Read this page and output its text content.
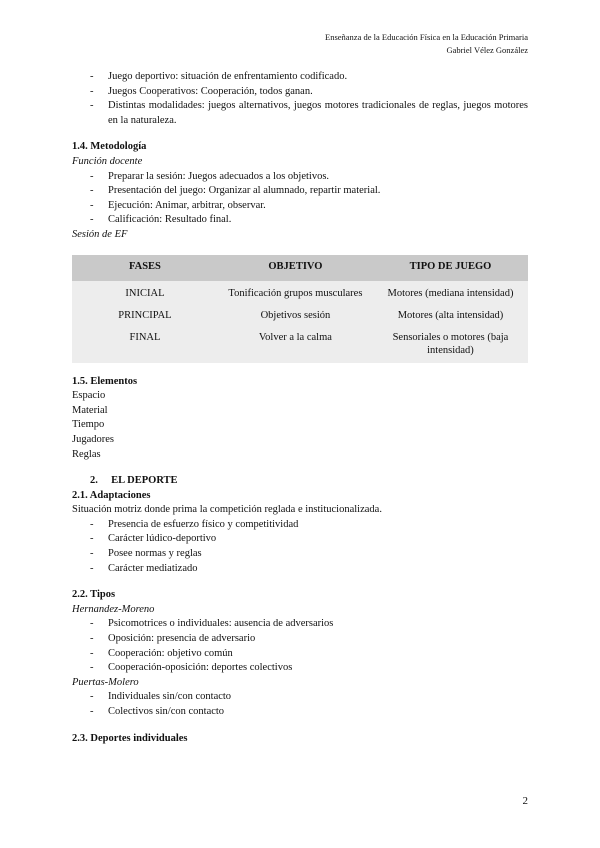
Enseñanza de la Educación Física en la Educación Primaria
Gabriel Vélez González
- Juego deportivo: situación de enfrentamiento codificado.
- Juegos Cooperativos: Cooperación, todos ganan.
- Distintas modalidades: juegos alternativos, juegos motores tradicionales de reglas, juegos motores en la naturaleza.
1.4. Metodología
Función docente
- Preparar la sesión: Juegos adecuados a los objetivos.
- Presentación del juego: Organizar al alumnado, repartir material.
- Ejecución: Animar, arbitrar, observar.
- Calificación: Resultado final.
Sesión de EF
FASES	OBJETIVO	TIPO DE JUEGO
INICIAL	Tonificación grupos musculares	Motores (mediana intensidad)
PRINCIPAL	Objetivos sesión	Motores (alta intensidad)
FINAL	Volver a la calma	Sensoriales o motores (baja intensidad)
1.5. Elementos
Espacio
Material
Tiempo
Jugadores
Reglas
2. EL DEPORTE
2.1. Adaptaciones
Situación motriz donde prima la competición reglada e institucionalizada.
- Presencia de esfuerzo físico y competitividad
- Carácter lúdico-deportivo
- Posee normas y reglas
- Carácter mediatizado
2.2. Tipos
Hernandez-Moreno
- Psicomotrices o individuales: ausencia de adversarios
- Oposición: presencia de adversario
- Cooperación: objetivo común
- Cooperación-oposición: deportes colectivos
Puertas-Molero
- Individuales sin/con contacto
- Colectivos sin/con contacto
2.3. Deportes individuales
2
